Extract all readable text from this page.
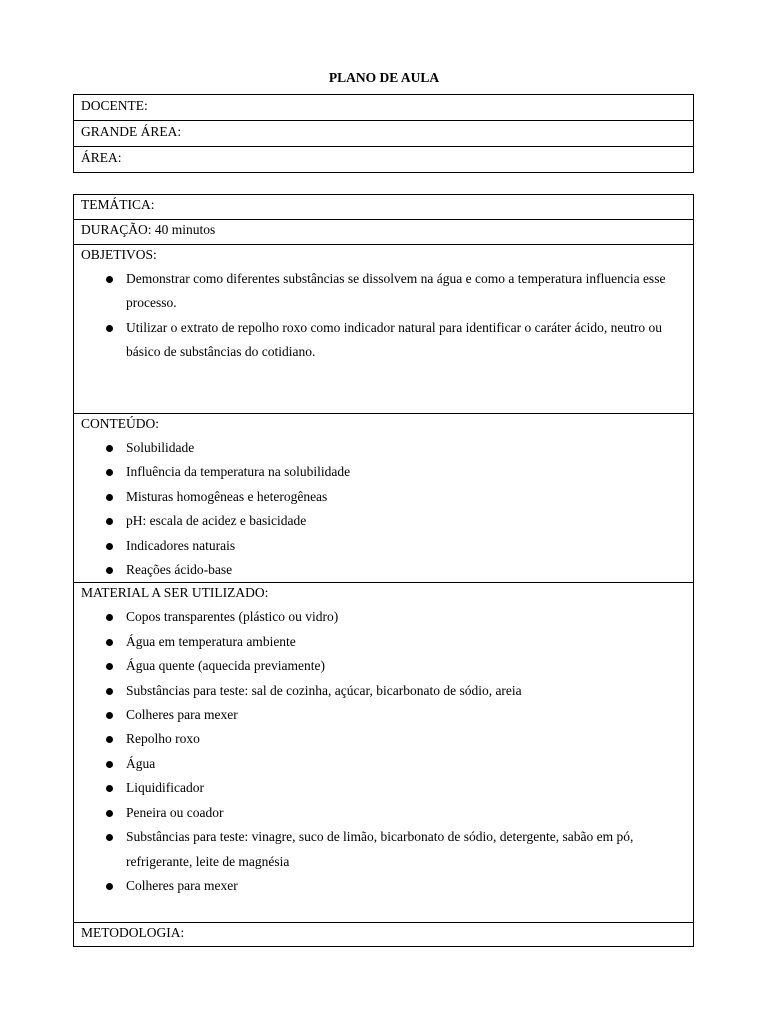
PLANO DE AULA
DOCENTE:
GRANDE ÁREA:
ÁREA:
TEMÁTICA:
DURAÇÃO: 40 minutos

OBJETIVOS:
Demonstrar como diferentes substâncias se dissolvem na água e como a temperatura influencia esse processo.
Utilizar o extrato de repolho roxo como indicador natural para identificar o caráter ácido, neutro ou básico de substâncias do cotidiano.

CONTEÚDO:
Solubilidade
Influência da temperatura na solubilidade
Misturas homogêneas e heterogêneas
pH: escala de acidez e basicidade
Indicadores naturais
Reações ácido-base

MATERIAL A SER UTILIZADO:
Copos transparentes (plástico ou vidro)
Água em temperatura ambiente
Água quente (aquecida previamente)
Substâncias para teste: sal de cozinha, açúcar, bicarbonato de sódio, areia
Colheres para mexer
Repolho roxo
Água
Liquidificador
Peneira ou coador
Substâncias para teste: vinagre, suco de limão, bicarbonato de sódio, detergente, sabão em pó, refrigerante, leite de magnésia
Colheres para mexer

METODOLOGIA:
